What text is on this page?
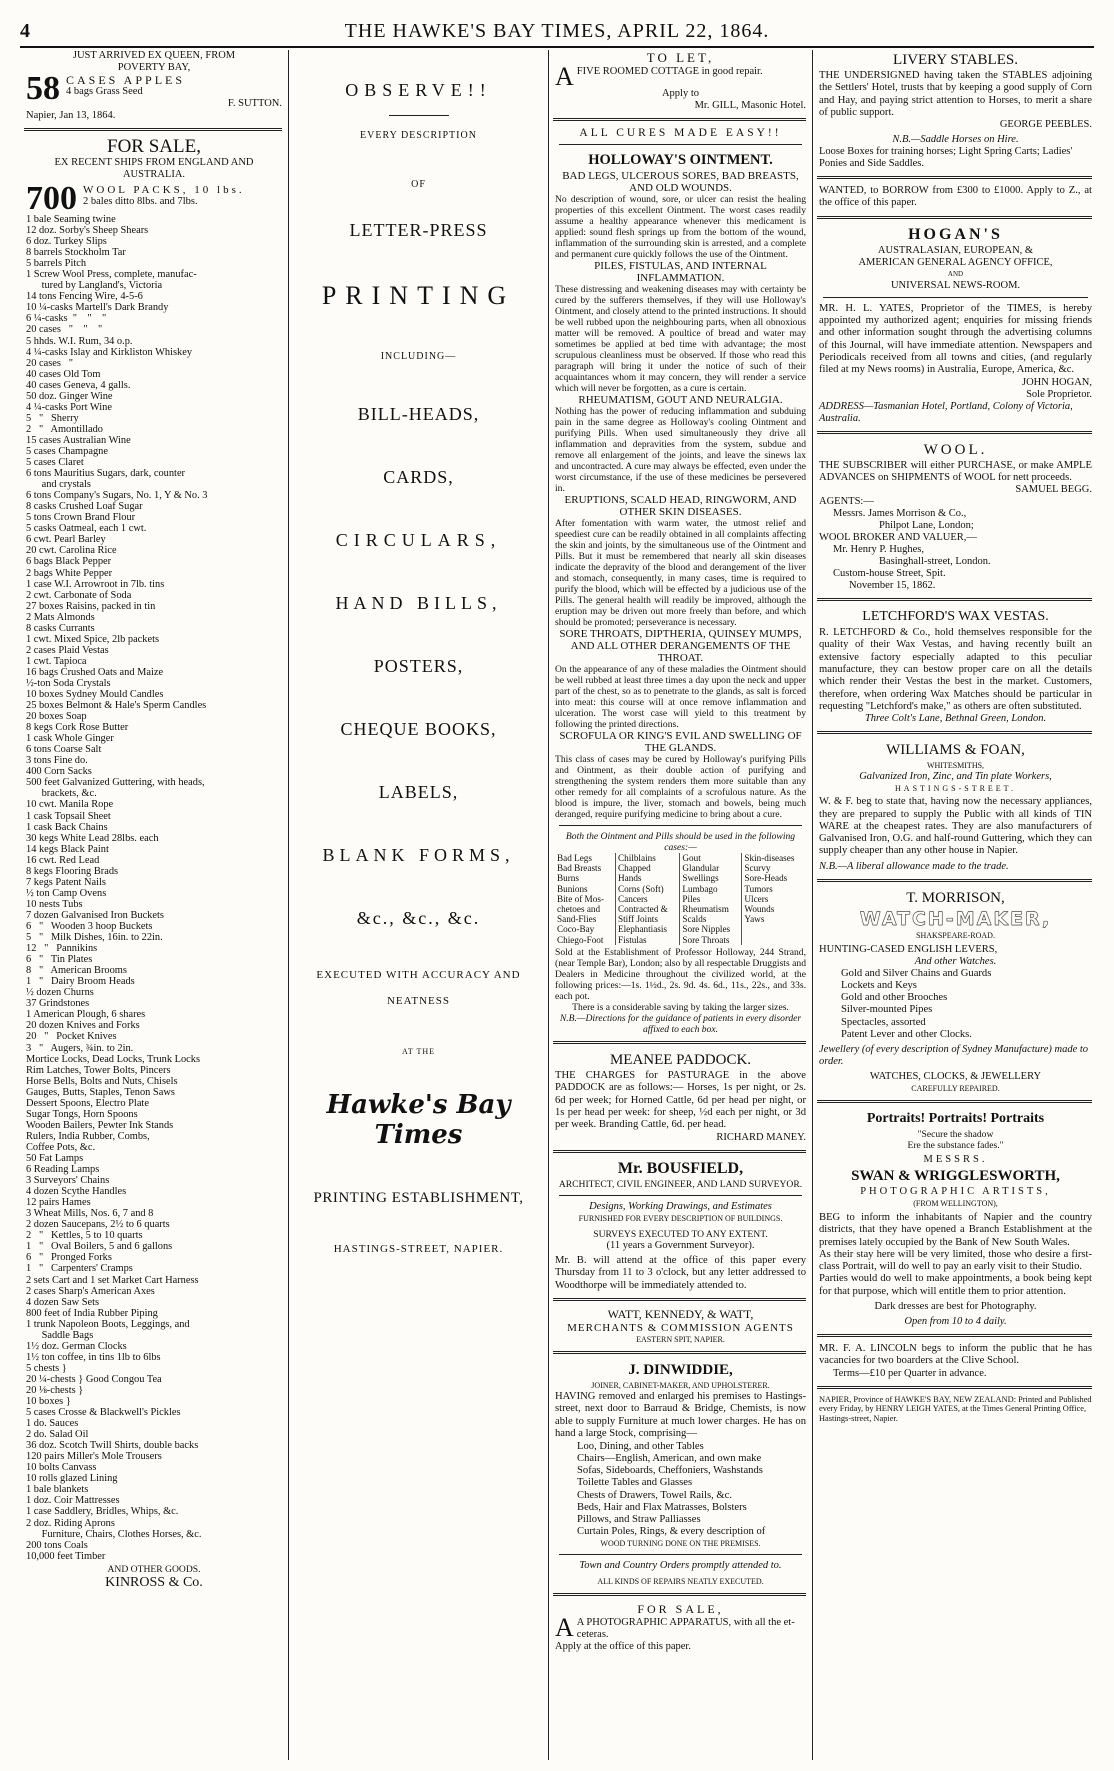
4	THE HAWKE'S BAY TIMES, APRIL 22, 1864.
JUST ARRIVED EX QUEEN, FROM
POVERTY BAY,
58 CASES APPLES
4 bags Grass Seed
F. SUTTON.
Napier, Jan 13, 1864.
FOR SALE,
EX RECENT SHIPS FROM ENGLAND AND AUSTRALIA.
700 WOOL PACKS, 10 lbs.
2 bales ditto 8lbs. and 7lbs.
1 bale Seaming twine
12 doz. Sorby's Sheep Shears
6 doz. Turkey Slips
8 barrels Stockholm Tar
5 barrels Pitch
1 Screw Wool Press, complete, manufac-
tured by Langland's, Victoria
14 tons Fencing Wire, 4-5-6
10 ¼-casks Martell's Dark Brandy
6 ¼-casks  "    "    "
20 cases   "    "    "
5 hhds. W.I. Rum, 34 o.p.
4 ¼-casks Islay and Kirkliston Whiskey
20 cases   "
40 cases Old Tom
40 cases Geneva, 4 galls.
50 doz. Ginger Wine
4 ¼-casks Port Wine
5   "   Sherry
2   "   Amontillado
15 cases Australian Wine
5 cases Champagne
5 cases Claret
6 tons Mauritius Sugars, dark, counter
and crystals
6 tons Company's Sugars, No. 1, Y & No. 3
8 casks Crushed Loaf Sugar
5 tons Crown Brand Flour
5 casks Oatmeal, each 1 cwt.
6 cwt. Pearl Barley
20 cwt. Carolina Rice
6 bags Black Pepper
2 bags White Pepper
1 case W.I. Arrowroot in 7lb. tins
2 cwt. Carbonate of Soda
27 boxes Raisins, packed in tin
2 Mats Almonds
8 casks Currants
1 cwt. Mixed Spice, 2lb packets
2 cases Plaid Vestas
1 cwt. Tapioca
16 bags Crushed Oats and Maize
½-ton Soda Crystals
10 boxes Sydney Mould Candles
25 boxes Belmont & Hale's Sperm Candles
20 boxes Soap
8 kegs Cork Rose Butter
1 cask Whole Ginger
6 tons Coarse Salt
3 tons Fine do.
400 Corn Sacks
500 feet Galvanized Guttering, with heads,
brackets, &c.
10 cwt. Manila Rope
1 cask Topsail Sheet
1 cask Back Chains
30 kegs White Lead 28lbs. each
14 kegs Black Paint
16 cwt. Red Lead
8 kegs Flooring Brads
7 kegs Patent Nails
½ ton Camp Ovens
10 nests Tubs
7 dozen Galvanised Iron Buckets
6   "   Wooden 3 hoop Buckets
5   "   Milk Dishes, 16in. to 22in.
12   "   Pannikins
6   "   Tin Plates
8   "   American Brooms
1   "   Dairy Broom Heads
½ dozen Churns
37 Grindstones
1 American Plough, 6 shares
20 dozen Knives and Forks
20   "   Pocket Knives
3   "   Augers, ¾in. to 2in.
Mortice Locks, Dead Locks, Trunk Locks
Rim Latches, Tower Bolts, Pincers
Horse Bells, Bolts and Nuts, Chisels
Gauges, Butts, Staples, Tenon Saws
Dessert Spoons, Electro Plate
Sugar Tongs, Horn Spoons
Wooden Bailers, Pewter Ink Stands
Rulers, India Rubber, Combs,
Coffee Pots, &c.
50 Fat Lamps
6 Reading Lamps
3 Surveyors' Chains
4 dozen Scythe Handles
12 pairs Hames
3 Wheat Mills, Nos. 6, 7 and 8
2 dozen Saucepans, 2½ to 6 quarts
2   "   Kettles, 5 to 10 quarts
1   "   Oval Boilers, 5 and 6 gallons
6   "   Pronged Forks
1   "   Carpenters' Cramps
2 sets Cart and 1 set Market Cart Harness
2 cases Sharp's American Axes
4 dozen Saw Sets
800 feet of India Rubber Piping
1 trunk Napoleon Boots, Leggings, and
Saddle Bags
1½ doz. German Clocks
1½ ton coffee, in tins 1lb to 6lbs
5 chests }
20 ¼-chests } Good Congou Tea
20 ⅛-chests }
10 boxes }
5 cases Crosse & Blackwell's Pickles
1 do. Sauces
2 do. Salad Oil
36 doz. Scotch Twill Shirts, double backs
120 pairs Miller's Mole Trousers
10 bolts Canvass
10 rolls glazed Lining
1 bale blankets
1 doz. Coir Mattresses
1 case Saddlery, Bridles, Whips, &c.
2 doz. Riding Aprons
Furniture, Chairs, Clothes Horses, &c.
200 tons Coals
10,000 feet Timber
AND OTHER GOODS.
KINROSS & Co.
OBSERVE!!
EVERY DESCRIPTION
OF
LETTER-PRESS
PRINTING
INCLUDING—
BILL-HEADS,
CARDS,
CIRCULARS,
HAND BILLS,
POSTERS,
CHEQUE BOOKS,
LABELS,
BLANK FORMS,
&c., &c., &c.
EXECUTED WITH ACCURACY AND
NEATNESS
AT THE
Hawke's Bay Times
PRINTING ESTABLISHMENT,
HASTINGS-STREET, NAPIER.
TO LET,
AFIVE ROOMED COTTAGE in good repair.
Apply to
Mr. GILL, Masonic Hotel.
ALL CURES MADE EASY!!
HOLLOWAY'S OINTMENT.
BAD LEGS, ULCEROUS SORES, BAD BREASTS, AND OLD WOUNDS.
No description of wound, sore, or ulcer can resist the healing properties of this excellent Ointment. The worst cases readily assume a healthy appearance whenever this medicament is applied: sound flesh springs up from the bottom of the wound, inflammation of the surrounding skin is arrested, and a complete and permanent cure quickly follows the use of the Ointment.
PILES, FISTULAS, AND INTERNAL INFLAMMATION.
These distressing and weakening diseases may with certainty be cured by the sufferers themselves, if they will use Holloway's Ointment, and closely attend to the printed instructions. It should be well rubbed upon the neighbouring parts, when all obnoxious matter will be removed. A poultice of bread and water may sometimes be applied at bed time with advantage; the most scrupulous cleanliness must be observed. If those who read this paragraph will bring it under the notice of such of their acquaintances whom it may concern, they will render a service which will never be forgotten, as a cure is certain.
RHEUMATISM, GOUT AND NEURALGIA.
Nothing has the power of reducing inflammation and subduing pain in the same degree as Holloway's cooling Ointment and purifying Pills. When used simultaneously they drive all inflammation and depravities from the system, subdue and remove all enlargement of the joints, and leave the sinews lax and uncontracted. A cure may always be effected, even under the worst circumstance, if the use of these medicines be persevered in.
ERUPTIONS, SCALD HEAD, RINGWORM, AND OTHER SKIN DISEASES.
After fomentation with warm water, the utmost relief and speediest cure can be readily obtained in all complaints affecting the skin and joints, by the simultaneous use of the Ointment and Pills. But it must be remembered that nearly all skin diseases indicate the depravity of the blood and derangement of the liver and stomach, consequently, in many cases, time is required to purify the blood, which will be effected by a judicious use of the Pills. The general health will readily be improved, although the eruption may be driven out more freely than before, and which should be promoted; perseverance is necessary.
SORE THROATS, DIPTHERIA, QUINSEY MUMPS, AND ALL OTHER DERANGEMENTS OF THE THROAT.
On the appearance of any of these maladies the Ointment should be well rubbed at least three times a day upon the neck and upper part of the chest, so as to penetrate to the glands, as salt is forced into meat: this course will at once remove inflammation and ulceration. The worst case will yield to this treatment by following the printed directions.
SCROFULA OR KING'S EVIL AND SWELLING OF THE GLANDS.
This class of cases may be cured by Holloway's purifying Pills and Ointment, as their double action of purifying and strengthening the system renders them more suitable than any other remedy for all complaints of a scrofulous nature. As the blood is impure, the liver, stomach and bowels, being much deranged, require purifying medicine to bring about a cure.
Both the Ointment and Pills should be used in the following cases:—
Bad Legs	Chilblains	Gout	Skin-diseases
Bad Breasts	Chapped	Glandular	Scurvy
Burns	Hands	Swellings	Sore-Heads
Bunions	Corns (Soft)	Lumbago	Tumors
Bite of Mos-	Cancers	Piles	Ulcers
chetoes and	Contracted &	Rheumatism	Wounds
Sand-Flies	Stiff Joints	Scalds	Yaws
Coco-Bay	Elephantiasis	Sore Nipples	
Chiego-Foot	Fistulas	Sore Throats	
Sold at the Establishment of Professor Holloway, 244 Strand, (near Temple Bar), London; also by all respectable Druggists and Dealers in Medicine throughout the civilized world, at the following prices:—1s. 1½d., 2s. 9d. 4s. 6d., 11s., 22s., and 33s. each pot.
There is a considerable saving by taking the larger sizes.
N.B.—Directions for the guidance of patients in every disorder affixed to each box.
MEANEE PADDOCK.
THE CHARGES for PASTURAGE in the above PADDOCK are as follows:— Horses, 1s per night, or 2s. 6d per week; for Horned Cattle, 6d per head per night, or 1s per head per week: for sheep, ½d each per night, or 3d per week. Branding Cattle, 6d. per head.
RICHARD MANEY.
Mr. BOUSFIELD,
ARCHITECT, CIVIL ENGINEER, AND LAND SURVEYOR.
Designs, Working Drawings, and Estimates
FURNISHED FOR EVERY DESCRIPTION OF BUILDINGS.
SURVEYS EXECUTED TO ANY EXTENT.
(11 years a Government Surveyor).
Mr. B. will attend at the office of this paper every Thursday from 11 to 3 o'clock, but any letter addressed to Woodthorpe will be immediately attended to.
WATT, KENNEDY, & WATT,
MERCHANTS & COMMISSION AGENTS
EASTERN SPIT, NAPIER.
J. DINWIDDIE,
JOINER, CABINET-MAKER, AND UPHOLSTERER.
HAVING removed and enlarged his premises to Hastings-street, next door to Barraud & Bridge, Chemists, is now able to supply Furniture at much lower charges. He has on hand a large Stock, comprising—
Loo, Dining, and other Tables
Chairs—English, American, and own make
Sofas, Sideboards, Cheffoniers, Washstands
Toilette Tables and Glasses
Chests of Drawers, Towel Rails, &c.
Beds, Hair and Flax Matrasses, Bolsters
Pillows, and Straw Palliasses
Curtain Poles, Rings, & every description of
WOOD TURNING DONE ON THE PREMISES.
Town and Country Orders promptly attended to.
ALL KINDS OF REPAIRS NEATLY EXECUTED.
FOR SALE,
A A PHOTOGRAPHIC APPARATUS, with all the et-ceteras.
Apply at the office of this paper.
LIVERY STABLES.
THE UNDERSIGNED having taken the STABLES adjoining the Settlers' Hotel, trusts that by keeping a good supply of Corn and Hay, and paying strict attention to Horses, to merit a share of public support.
GEORGE PEEBLES.
N.B.—Saddle Horses on Hire.
Loose Boxes for training horses; Light Spring Carts; Ladies' Ponies and Side Saddles.
WANTED, to BORROW from £300 to £1000. Apply to Z., at the office of this paper.
HOGAN'S
AUSTRALASIAN, EUROPEAN, &
AMERICAN GENERAL AGENCY OFFICE,
AND
UNIVERSAL NEWS-ROOM.
MR. H. L. YATES, Proprietor of the TIMES, is hereby appointed my authorized agent; enquiries for missing friends and other information sought through the advertising columns of this Journal, will have immediate attention. Newspapers and Periodicals received from all towns and cities, (and regularly filed at my News rooms) in Australia, Europe, America, &c.
JOHN HOGAN,
Sole Proprietor.
ADDRESS—Tasmanian Hotel, Portland, Colony of Victoria, Australia.
WOOL.
THE SUBSCRIBER will either PURCHASE, or make AMPLE ADVANCES on SHIPMENTS of WOOL for nett proceeds.
SAMUEL BEGG.
AGENTS:—
Messrs. James Morrison & Co.,
Philpot Lane, London;
WOOL BROKER AND VALUER,—
Mr. Henry P. Hughes,
Basinghall-street, London.
Custom-house Street, Spit.
November 15, 1862.
LETCHFORD'S WAX VESTAS.
R. LETCHFORD & Co., hold themselves responsible for the quality of their Wax Vestas, and having recently built an extensive factory especially adapted to this peculiar manufacture, they can bestow proper care on all the details which render their Vestas the best in the market. Customers, therefore, when ordering Wax Matches should be particular in requesting "Letchford's make," as others are often substituted.
Three Colt's Lane, Bethnal Green, London.
WILLIAMS & FOAN,
WHITESMITHS,
Galvanized Iron, Zinc, and Tin plate Workers,
HASTINGS-STREET.
W. & F. beg to state that, having now the necessary appliances, they are prepared to supply the Public with all kinds of TIN WARE at the cheapest rates. They are also manufacturers of Galvanised Iron, O.G. and half-round Guttering, which they can supply cheaper than any other house in Napier.
N.B.—A liberal allowance made to the trade.
T. MORRISON,
WATCH-MAKER,
SHAKSPEARE-ROAD.
HUNTING-CASED ENGLISH LEVERS,
And other Watches.
Gold and Silver Chains and Guards
Lockets and Keys
Gold and other Brooches
Silver-mounted Pipes
Spectacles, assorted
Patent Lever and other Clocks.
Jewellery (of every description of Sydney Manufacture) made to order.
WATCHES, CLOCKS, & JEWELLERY
CAREFULLY REPAIRED.
Portraits! Portraits! Portraits
"Secure the shadow
Ere the substance fades."
MESSRS.
SWAN & WRIGGLESWORTH,
PHOTOGRAPHIC ARTISTS,
(FROM WELLINGTON),
BEG to inform the inhabitants of Napier and the country districts, that they have opened a Branch Establishment at the premises lately occupied by the Bank of New South Wales.
As their stay here will be very limited, those who desire a first-class Portrait, will do well to pay an early visit to their Studio.
Parties would do well to make appointments, a book being kept for that purpose, which will entitle them to prior attention.
Dark dresses are best for Photography.
Open from 10 to 4 daily.
MR. F. A. LINCOLN begs to inform the public that he has vacancies for two boarders at the Clive School.
Terms—£10 per Quarter in advance.
NAPIER, Province of HAWKE'S BAY, NEW ZEALAND: Printed and Published every Friday, by HENRY LEIGH YATES, at the Times General Printing Office, Hastings-street, Napier.
